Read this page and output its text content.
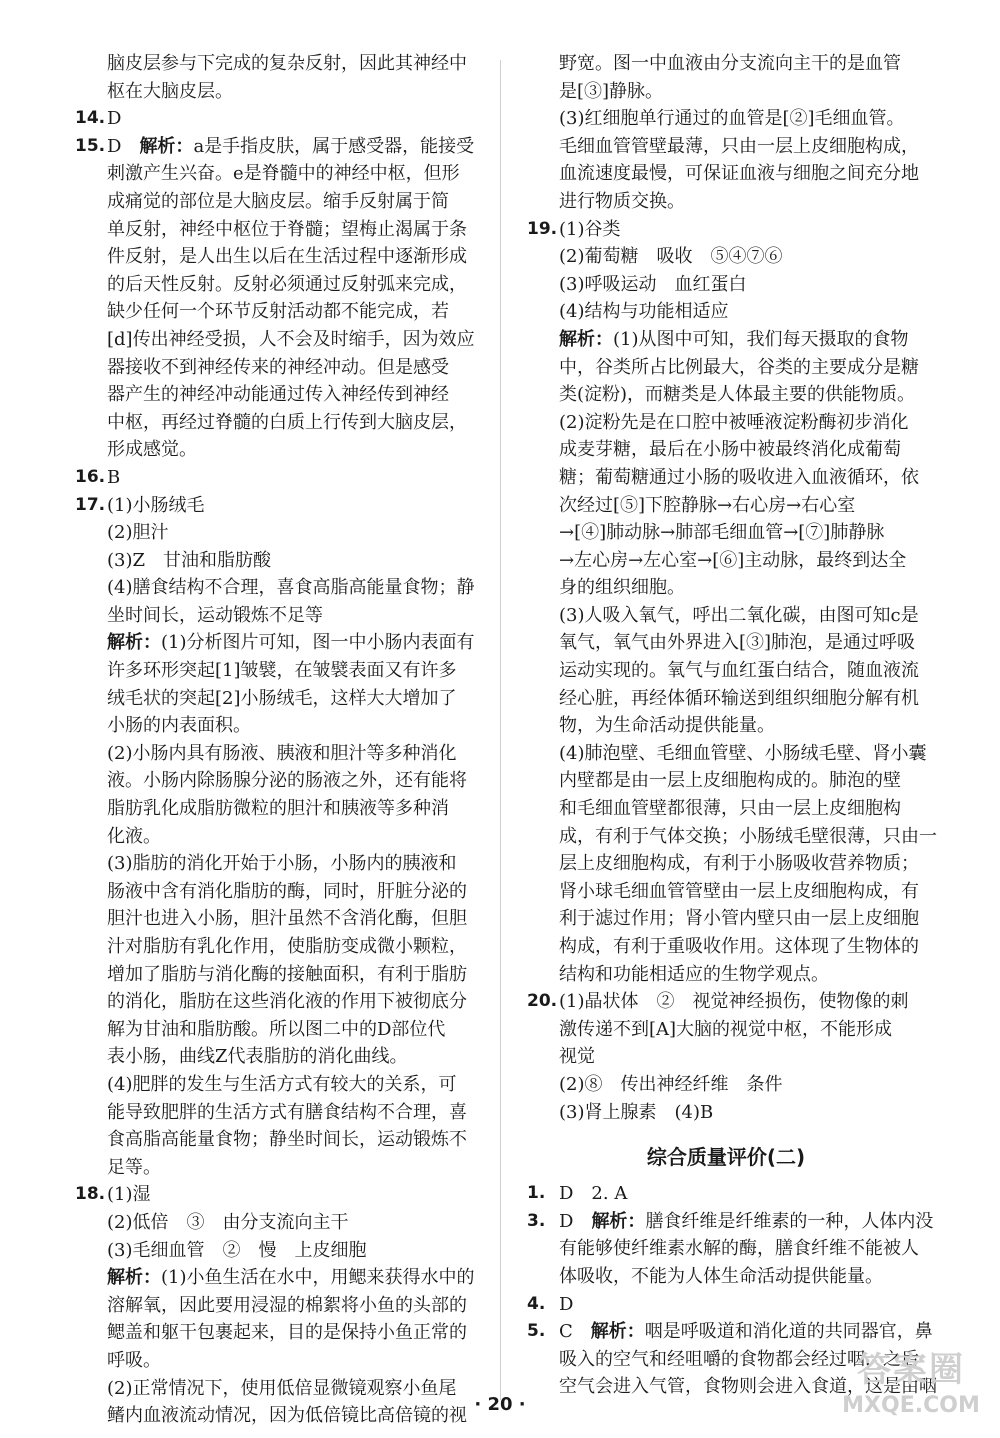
脑皮层参与下完成的复杂反射，因此其神经中
枢在大脑皮层。
14. D
15. D　解析：a是手指皮肤，属于感受器，能接受
刺激产生兴奋。e是脊髓中的神经中枢，但形
成痛觉的部位是大脑皮层。缩手反射属于简
单反射，神经中枢位于脊髓；望梅止渴属于条
件反射，是人出生以后在生活过程中逐渐形成
的后天性反射。反射必须通过反射弧来完成，
缺少任何一个环节反射活动都不能完成，若
[d]传出神经受损，人不会及时缩手，因为效应
器接收不到神经传来的神经冲动。但是感受
器产生的神经冲动能通过传入神经传到神经
中枢，再经过脊髓的白质上行传到大脑皮层，
形成感觉。
16. B
17. (1)小肠绒毛
(2)胆汁
(3)Z　甘油和脂肪酸
(4)膳食结构不合理，喜食高脂高能量食物；静
坐时间长，运动锻炼不足等
解析：(1)分析图片可知，图一中小肠内表面有
许多环形突起[1]皱襞，在皱襞表面又有许多
绒毛状的突起[2]小肠绒毛，这样大大增加了
小肠的内表面积。
(2)小肠内具有肠液、胰液和胆汁等多种消化
液。小肠内除肠腺分泌的肠液之外，还有能将
脂肪乳化成脂肪微粒的胆汁和胰液等多种消
化液。
(3)脂肪的消化开始于小肠，小肠内的胰液和
肠液中含有消化脂肪的酶，同时，肝脏分泌的
胆汁也进入小肠，胆汁虽然不含消化酶，但胆
汁对脂肪有乳化作用，使脂肪变成微小颗粒，
增加了脂肪与消化酶的接触面积，有利于脂肪
的消化，脂肪在这些消化液的作用下被彻底分
解为甘油和脂肪酸。所以图二中的D部位代
表小肠，曲线Z代表脂肪的消化曲线。
(4)肥胖的发生与生活方式有较大的关系，可
能导致肥胖的生活方式有膳食结构不合理，喜
食高脂高能量食物；静坐时间长，运动锻炼不
足等。
18. (1)湿
(2)低倍　③　由分支流向主干
(3)毛细血管　②　慢　上皮细胞
解析：(1)小鱼生活在水中，用鳃来获得水中的
溶解氧，因此要用浸湿的棉絮将小鱼的头部的
鳃盖和躯干包裹起来，目的是保持小鱼正常的
呼吸。
(2)正常情况下，使用低倍显微镜观察小鱼尾
鳍内血液流动情况，因为低倍镜比高倍镜的视
野宽。图一中血液由分支流向主干的是血管
是[③]静脉。
(3)红细胞单行通过的血管是[②]毛细血管。
毛细血管管壁最薄，只由一层上皮细胞构成，
血流速度最慢，可保证血液与细胞之间充分地
进行物质交换。
19. (1)谷类
(2)葡萄糖　吸收　⑤④⑦⑥
(3)呼吸运动　血红蛋白
(4)结构与功能相适应
解析：(1)从图中可知，我们每天摄取的食物
中，谷类所占比例最大，谷类的主要成分是糖
类(淀粉)，而糖类是人体最主要的供能物质。
(2)淀粉先是在口腔中被唾液淀粉酶初步消化
成麦芽糖，最后在小肠中被最终消化成葡萄
糖；葡萄糖通过小肠的吸收进入血液循环，依
次经过[⑤]下腔静脉→右心房→右心室
→[④]肺动脉→肺部毛细血管→[⑦]肺静脉
→左心房→左心室→[⑥]主动脉，最终到达全
身的组织细胞。
(3)人吸入氧气，呼出二氧化碳，由图可知c是
氧气，氧气由外界进入[③]肺泡，是通过呼吸
运动实现的。氧气与血红蛋白结合，随血液流
经心脏，再经体循环输送到组织细胞分解有机
物，为生命活动提供能量。
(4)肺泡壁、毛细血管壁、小肠绒毛壁、肾小囊
内壁都是由一层上皮细胞构成的。肺泡的壁
和毛细血管壁都很薄，只由一层上皮细胞构
成，有利于气体交换；小肠绒毛壁很薄，只由一
层上皮细胞构成，有利于小肠吸收营养物质；
肾小球毛细血管管壁由一层上皮细胞构成，有
利于滤过作用；肾小管内壁只由一层上皮细胞
构成，有利于重吸收作用。这体现了生物体的
结构和功能相适应的生物学观点。
20. (1)晶状体　②　视觉神经损伤，使物像的刺
激传递不到[A]大脑的视觉中枢，不能形成
视觉
(2)⑧　传出神经纤维　条件
(3)肾上腺素　(4)B
综合质量评价(二)
1. D　2. A
3. D　解析：膳食纤维是纤维素的一种，人体内没
有能够使纤维素水解的酶，膳食纤维不能被人
体吸收，不能为人体生命活动提供能量。
4. D
5. C　解析：咽是呼吸道和消化道的共同器官，鼻
吸入的空气和经咀嚼的食物都会经过咽，之后
空气会进入气管，食物则会进入食道，这是由咽
· 20 ·
答案圈
MXQE.COM
